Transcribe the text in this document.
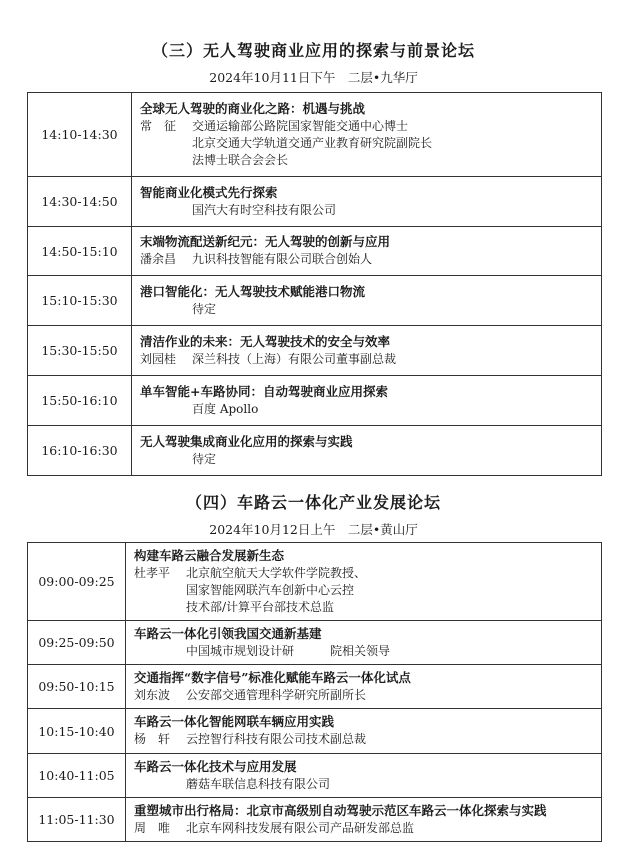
（三）无人驾驶商业应用的探索与前景论坛
2024年10月11日下午　二层•九华厅
14:10-14:30	全球无人驾驶的商业化之路：机遇与挑战
常　征 交通运输部公路院国家智能交通中心博士
北京交通大学轨道交通产业教育研究院副院长
法博士联合会会长

14:30-14:50	智能商业化模式先行探索
国汽大有时空科技有限公司

14:50-15:10	末端物流配送新纪元：无人驾驶的创新与应用
潘余昌 九识科技智能有限公司联合创始人

15:10-15:30	港口智能化：无人驾驶技术赋能港口物流
待定

15:30-15:50	清洁作业的未来：无人驾驶技术的安全与效率
刘园桂 深兰科技（上海）有限公司董事副总裁

15:50-16:10	单车智能+车路协同：自动驾驶商业应用探索
百度 Apollo

16:10-16:30	无人驾驶集成商业化应用的探索与实践
待定
（四）车路云一体化产业发展论坛
2024年10月12日上午　二层•黄山厅
09:00-09:25	构建车路云融合发展新生态
杜孝平 北京航空航天大学软件学院教授、
国家智能网联汽车创新中心云控
技术部/计算平台部技术总监

09:25-09:50	车路云一体化引领我国交通新基建
中国城市规划设计研　　　院相关领导

09:50-10:15	交通指挥“数字信号”标准化赋能车路云一体化试点
刘东波 公安部交通管理科学研究所副所长

10:15-10:40	车路云一体化智能网联车辆应用实践
杨　轩 云控智行科技有限公司技术副总裁

10:40-11:05	车路云一体化技术与应用发展
蘑菇车联信息科技有限公司

11:05-11:30	重塑城市出行格局：北京市高级别自动驾驶示范区车路云一体化探索与实践
周　唯 北京车网科技发展有限公司产品研发部总监
